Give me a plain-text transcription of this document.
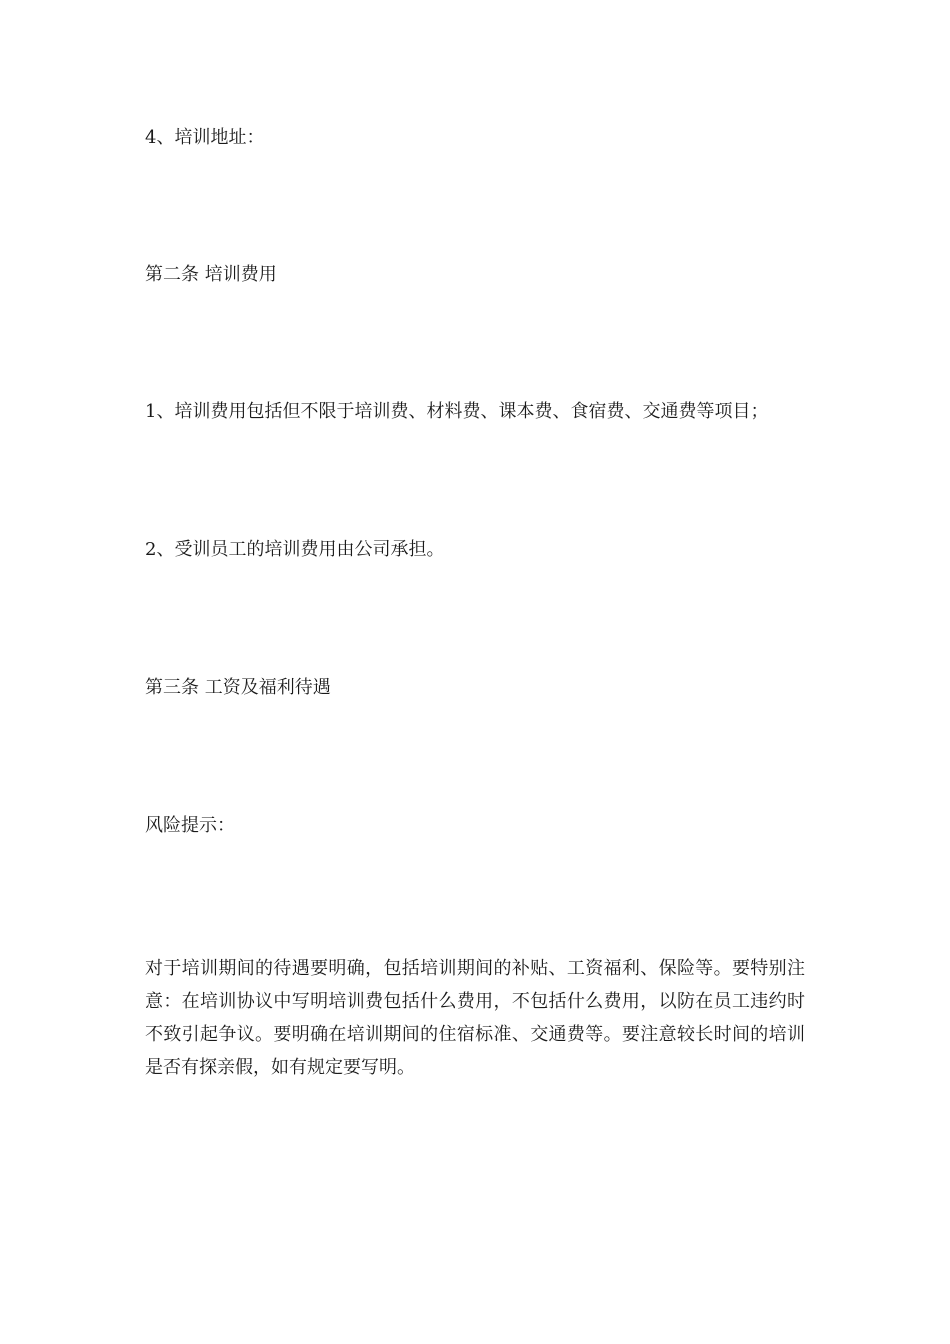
4、培训地址：

第二条 培训费用

1、培训费用包括但不限于培训费、材料费、课本费、食宿费、交通费等项目；

2、受训员工的培训费用由公司承担。

第三条 工资及福利待遇

风险提示：

对于培训期间的待遇要明确，包括培训期间的补贴、工资福利、保险等。要特别注意：在培训协议中写明培训费包括什么费用，不包括什么费用，以防在员工违约时不致引起争议。要明确在培训期间的住宿标准、交通费等。要注意较长时间的培训是否有探亲假，如有规定要写明。
